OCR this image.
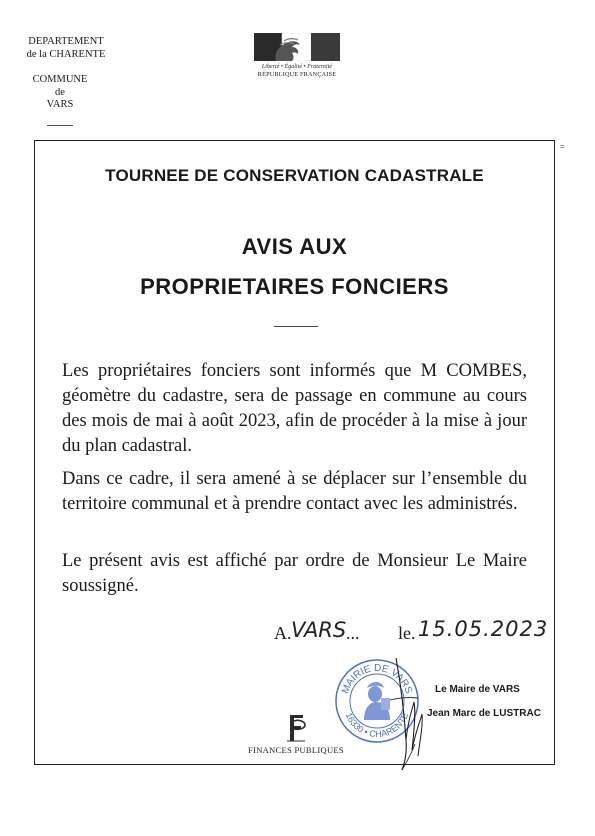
DEPARTEMENT
de la CHARENTE
COMMUNE
de
VARS
Liberté • Égalité • Fraternité
RÉPUBLIQUE FRANÇAISE
=
TOURNEE DE CONSERVATION CADASTRALE
AVIS AUX
PROPRIETAIRES FONCIERS
Les propriétaires fonciers sont informés que M COMBES, géomètre du cadastre, sera de passage en commune au cours des mois de mai à août 2023, afin de procéder à la mise à jour du plan cadastral.
Dans ce cadre, il sera amené à se déplacer sur l’ensemble du territoire communal et à prendre contact avec les administrés.
Le présent avis est affiché par ordre de Monsieur Le Maire soussigné.
A. VARS ... le. 15.05.2023
MAIRIE DE VARS
16330 • CHARENTE
Le Maire de VARS
Jean Marc de LUSTRAC
FINANCES PUBLIQUES
